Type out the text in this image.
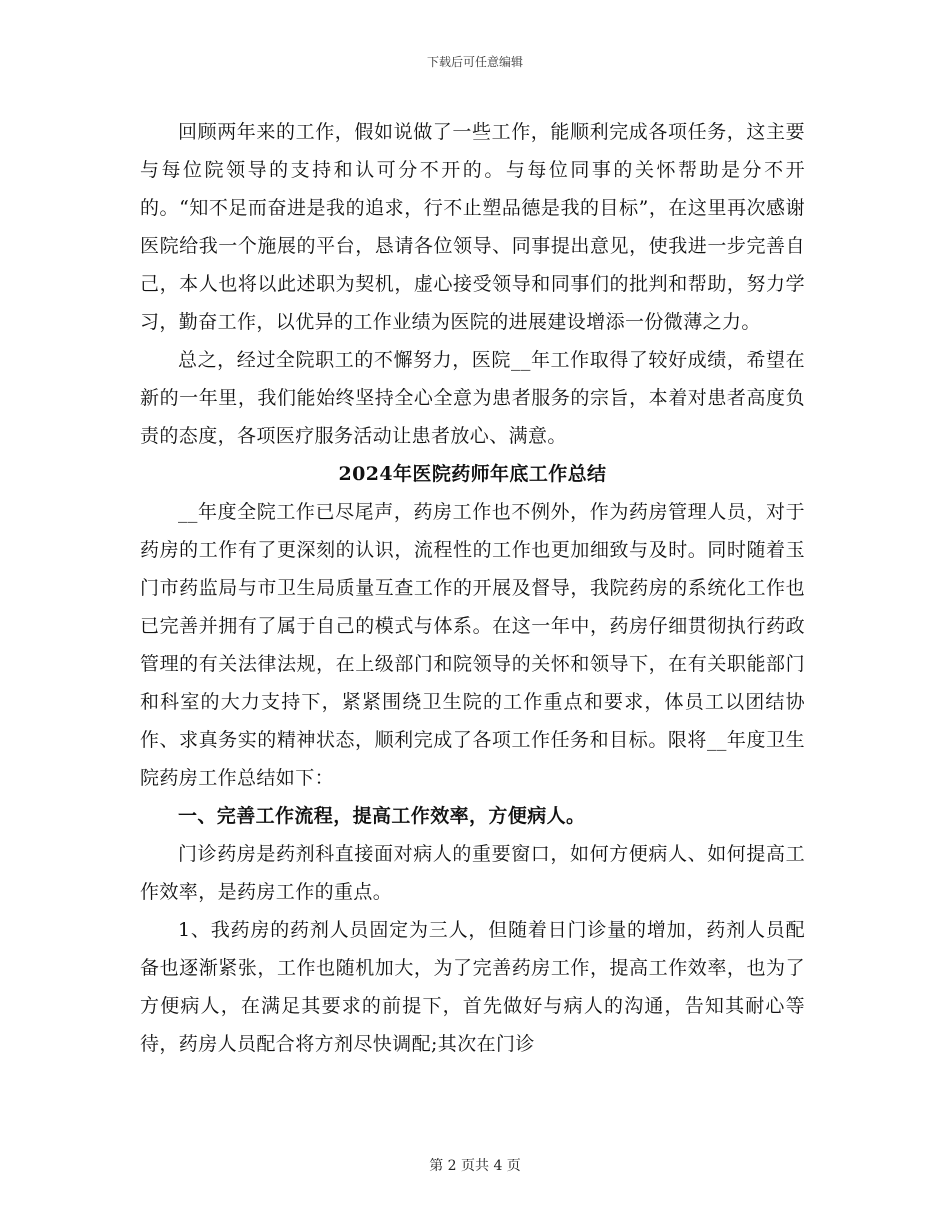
下载后可任意编辑

回顾两年来的工作，假如说做了一些工作，能顺利完成各项任务，这主要与每位院领导的支持和认可分不开的。与每位同事的关怀帮助是分不开的。“知不足而奋进是我的追求，行不止塑品德是我的目标”，在这里再次感谢医院给我一个施展的平台，恳请各位领导、同事提出意见，使我进一步完善自己，本人也将以此述职为契机，虚心接受领导和同事们的批判和帮助，努力学习，勤奋工作，以优异的工作业绩为医院的进展建设增添一份微薄之力。

总之，经过全院职工的不懈努力，医院__年工作取得了较好成绩，希望在新的一年里，我们能始终坚持全心全意为患者服务的宗旨，本着对患者高度负责的态度，各项医疗服务活动让患者放心、满意。

2024年医院药师年底工作总结

__年度全院工作已尽尾声，药房工作也不例外，作为药房管理人员，对于药房的工作有了更深刻的认识，流程性的工作也更加细致与及时。同时随着玉门市药监局与市卫生局质量互查工作的开展及督导，我院药房的系统化工作也已完善并拥有了属于自己的模式与体系。在这一年中，药房仔细贯彻执行药政管理的有关法律法规，在上级部门和院领导的关怀和领导下，在有关职能部门和科室的大力支持下，紧紧围绕卫生院的工作重点和要求，体员工以团结协作、求真务实的精神状态，顺利完成了各项工作任务和目标。限将__年度卫生院药房工作总结如下：

一、完善工作流程，提高工作效率，方便病人。

门诊药房是药剂科直接面对病人的重要窗口，如何方便病人、如何提高工作效率，是药房工作的重点。

1、我药房的药剂人员固定为三人，但随着日门诊量的增加，药剂人员配备也逐渐紧张，工作也随机加大，为了完善药房工作，提高工作效率，也为了方便病人，在满足其要求的前提下，首先做好与病人的沟通，告知其耐心等待，药房人员配合将方剂尽快调配;其次在门诊

第 2 页共 4 页
